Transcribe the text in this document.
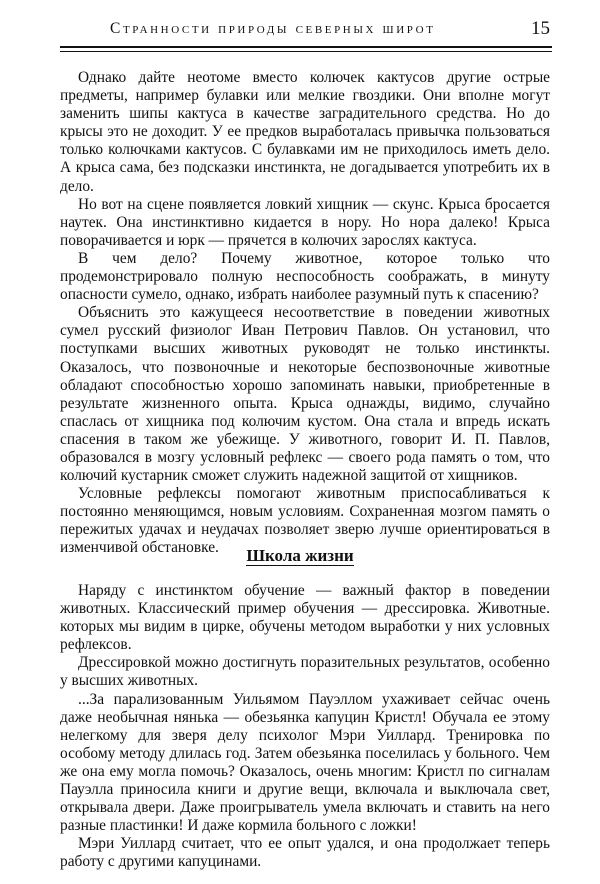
Странности природы северных широт	15

Однако дайте неотоме вместо колючек кактусов другие острые предметы, например булавки или мелкие гвоздики. Они вполне могут заменить шипы кактуса в качестве заградительного средства. Но до крысы это не доходит. У ее предков выработалась привычка пользоваться только колючками кактусов. С булавками им не приходилось иметь дело. А крыса сама, без подсказки инстинкта, не догадывается употребить их в дело.

Но вот на сцене появляется ловкий хищник — скунс. Крыса бросается наутек. Она инстинктивно кидается в нору. Но нора далеко! Крыса поворачивается и юрк — прячется в колючих зарослях кактуса.

В чем дело? Почему животное, которое только что продемонстрировало полную неспособность соображать, в минуту опасности сумело, однако, избрать наиболее разумный путь к спасению?

Объяснить это кажущееся несоответствие в поведении животных сумел русский физиолог Иван Петрович Павлов. Он установил, что поступками высших животных руководят не только инстинкты. Оказалось, что позвоночные и некоторые беспозвоночные животные обладают способностью хорошо запоминать навыки, приобретенные в результате жизненного опыта. Крыса однажды, видимо, случайно спаслась от хищника под колючим кустом. Она стала и впредь искать спасения в таком же убежище. У животного, говорит И. П. Павлов, образовался в мозгу условный рефлекс — своего рода память о том, что колючий кустарник сможет служить надежной защитой от хищников.

Условные рефлексы помогают животным приспосабливаться к постоянно меняющимся, новым условиям. Сохраненная мозгом память о пережитых удачах и неудачах позволяет зверю лучше ориентироваться в изменчивой обстановке.	Школа жизни

Наряду с инстинктом обучение — важный фактор в поведении животных. Классический пример обучения — дрессировка. Животные. которых мы видим в цирке, обучены методом выработки у них условных рефлексов.

Дрессировкой можно достигнуть поразительных результатов, особенно у высших животных.

...За парализованным Уильямом Пауэллом ухаживает сейчас очень даже необычная нянька — обезьянка капуцин Кристл! Обучала ее этому нелегкому для зверя делу психолог Мэри Уиллард. Тренировка по особому методу длилась год. Затем обезьянка поселилась у больного. Чем же она ему могла помочь? Оказалось, очень многим: Кристл по сигналам Пауэлла приносила книги и другие вещи, включала и выключала свет, открывала двери. Даже проигрыватель умела включать и ставить на него разные пластинки! И даже кормила больного с ложки!

Мэри Уиллард считает, что ее опыт удался, и она продолжает теперь работу с другими капуцинами.
